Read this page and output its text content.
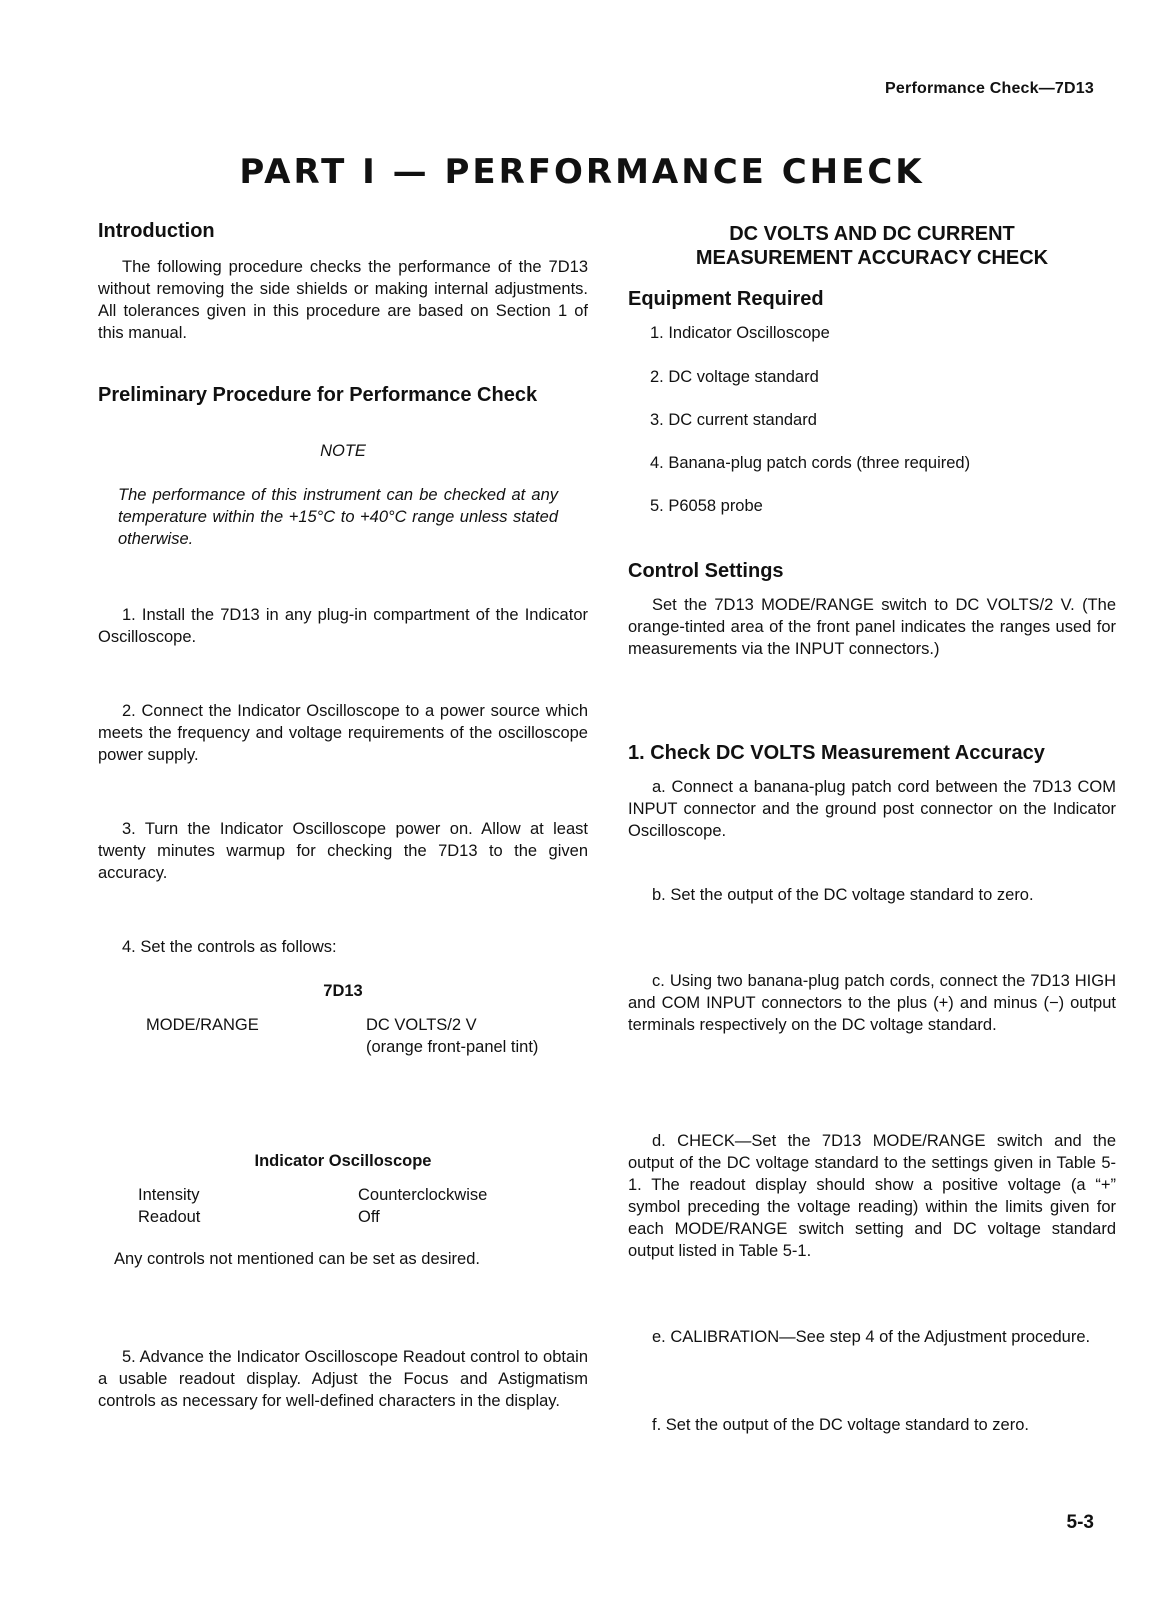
Performance Check—7D13
PART I — PERFORMANCE CHECK
Introduction
The following procedure checks the performance of the 7D13 without removing the side shields or making internal adjustments. All tolerances given in this procedure are based on Section 1 of this manual.
Preliminary Procedure for Performance Check
NOTE
The performance of this instrument can be checked at any temperature within the +15°C to +40°C range unless stated otherwise.
1. Install the 7D13 in any plug-in compartment of the Indicator Oscilloscope.
2. Connect the Indicator Oscilloscope to a power source which meets the frequency and voltage requirements of the oscilloscope power supply.
3. Turn the Indicator Oscilloscope power on. Allow at least twenty minutes warmup for checking the 7D13 to the given accuracy.
4. Set the controls as follows:
7D13
MODE/RANGE	DC VOLTS/2 V
(orange front-panel tint)
Indicator Oscilloscope
Intensity	Counterclockwise
Readout	Off
Any controls not mentioned can be set as desired.
5. Advance the Indicator Oscilloscope Readout control to obtain a usable readout display. Adjust the Focus and Astigmatism controls as necessary for well-defined characters in the display.
DC VOLTS AND DC CURRENT
MEASUREMENT ACCURACY CHECK
Equipment Required
1. Indicator Oscilloscope
2. DC voltage standard
3. DC current standard
4. Banana-plug patch cords (three required)
5. P6058 probe
Control Settings
Set the 7D13 MODE/RANGE switch to DC VOLTS/2 V. (The orange-tinted area of the front panel indicates the ranges used for measurements via the INPUT connectors.)
1. Check DC VOLTS Measurement Accuracy
a. Connect a banana-plug patch cord between the 7D13 COM INPUT connector and the ground post connector on the Indicator Oscilloscope.
b. Set the output of the DC voltage standard to zero.
c. Using two banana-plug patch cords, connect the 7D13 HIGH and COM INPUT connectors to the plus (+) and minus (−) output terminals respectively on the DC voltage standard.
d. CHECK—Set the 7D13 MODE/RANGE switch and the output of the DC voltage standard to the settings given in Table 5-1. The readout display should show a positive voltage (a “+” symbol preceding the voltage reading) within the limits given for each MODE/RANGE switch setting and DC voltage standard output listed in Table 5-1.
e. CALIBRATION—See step 4 of the Adjustment procedure.
f. Set the output of the DC voltage standard to zero.
5-3
